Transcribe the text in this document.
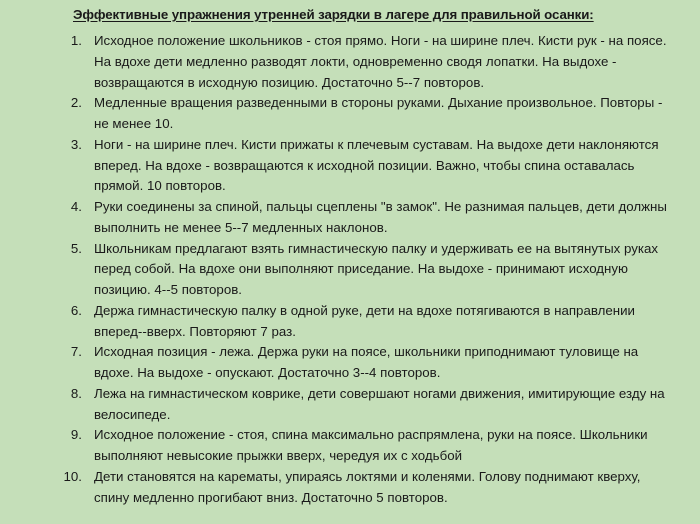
Эффективные упражнения утренней зарядки в лагере для правильной осанки:
1. Исходное положение школьников - стоя прямо. Ноги - на ширине плеч. Кисти рук - на поясе. На вдохе дети медленно разводят локти, одновременно сводя лопатки. На выдохе - возвращаются в исходную позицию. Достаточно 5--7 повторов.
2. Медленные вращения разведенными в стороны руками. Дыхание произвольное. Повторы - не менее 10.
3. Ноги - на ширине плеч. Кисти прижаты к плечевым суставам. На выдохе дети наклоняются вперед. На вдохе - возвращаются к исходной позиции. Важно, чтобы спина оставалась прямой. 10 повторов.
4. Руки соединены за спиной, пальцы сцеплены "в замок". Не разнимая пальцев, дети должны выполнить не менее 5--7 медленных наклонов.
5. Школьникам предлагают взять гимнастическую палку и удерживать ее на вытянутых руках перед собой. На вдохе они выполняют приседание. На выдохе - принимают исходную позицию. 4--5 повторов.
6. Держа гимнастическую палку в одной руке, дети на вдохе потягиваются в направлении вперед--вверх. Повторяют 7 раз.
7. Исходная позиция - лежа. Держа руки на поясе, школьники приподнимают туловище на вдохе. На выдохе - опускают. Достаточно 3--4 повторов.
8. Лежа на гимнастическом коврике, дети совершают ногами движения, имитирующие езду на велосипеде.
9. Исходное положение - стоя, спина максимально распрямлена, руки на поясе. Школьники выполняют невысокие прыжки вверх, чередуя их с ходьбой
10. Дети становятся на карематы, упираясь локтями и коленями. Голову поднимают кверху, спину медленно прогибают вниз. Достаточно 5 повторов.
